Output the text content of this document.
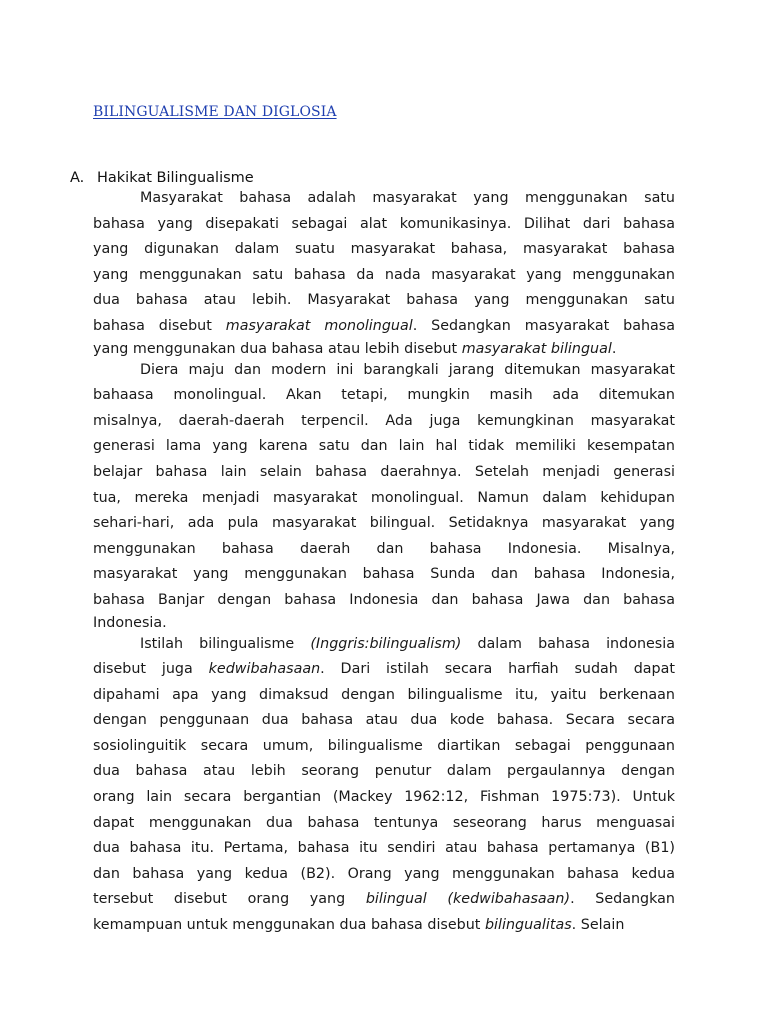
BILINGUALISME DAN DIGLOSIA
A. Hakikat Bilingualisme
Masyarakat bahasa adalah masyarakat yang menggunakan satu
bahasa yang disepakati sebagai alat komunikasinya. Dilihat dari bahasa
yang digunakan dalam suatu masyarakat bahasa, masyarakat bahasa
yang menggunakan satu bahasa da nada masyarakat yang menggunakan
dua bahasa atau lebih. Masyarakat bahasa yang menggunakan satu
bahasa disebut masyarakat monolingual. Sedangkan masyarakat bahasa
yang menggunakan dua bahasa atau lebih disebut masyarakat bilingual.
Diera maju dan modern ini barangkali jarang ditemukan masyarakat
bahaasa monolingual. Akan tetapi, mungkin masih ada ditemukan
misalnya, daerah-daerah terpencil. Ada juga kemungkinan masyarakat
generasi lama yang karena satu dan lain hal tidak memiliki kesempatan
belajar bahasa lain selain bahasa daerahnya. Setelah menjadi generasi
tua, mereka menjadi masyarakat monolingual. Namun dalam kehidupan
sehari-hari, ada pula masyarakat bilingual. Setidaknya masyarakat yang
menggunakan bahasa daerah dan bahasa Indonesia. Misalnya,
masyarakat yang menggunakan bahasa Sunda dan bahasa Indonesia,
bahasa Banjar dengan bahasa Indonesia dan bahasa Jawa dan bahasa
Indonesia.
Istilah bilingualisme (Inggris:bilingualism) dalam bahasa indonesia
disebut juga kedwibahasaan. Dari istilah secara harfiah sudah dapat
dipahami apa yang dimaksud dengan bilingualisme itu, yaitu berkenaan
dengan penggunaan dua bahasa atau dua kode bahasa. Secara secara
sosiolinguitik secara umum, bilingualisme diartikan sebagai penggunaan
dua bahasa atau lebih seorang penutur dalam pergaulannya dengan
orang lain secara bergantian (Mackey 1962:12, Fishman 1975:73). Untuk
dapat menggunakan dua bahasa tentunya seseorang harus menguasai
dua bahasa itu. Pertama, bahasa itu sendiri atau bahasa pertamanya (B1)
dan bahasa yang kedua (B2). Orang yang menggunakan bahasa kedua
tersebut disebut orang yang bilingual (kedwibahasaan). Sedangkan
kemampuan untuk menggunakan dua bahasa disebut bilingualitas. Selain
